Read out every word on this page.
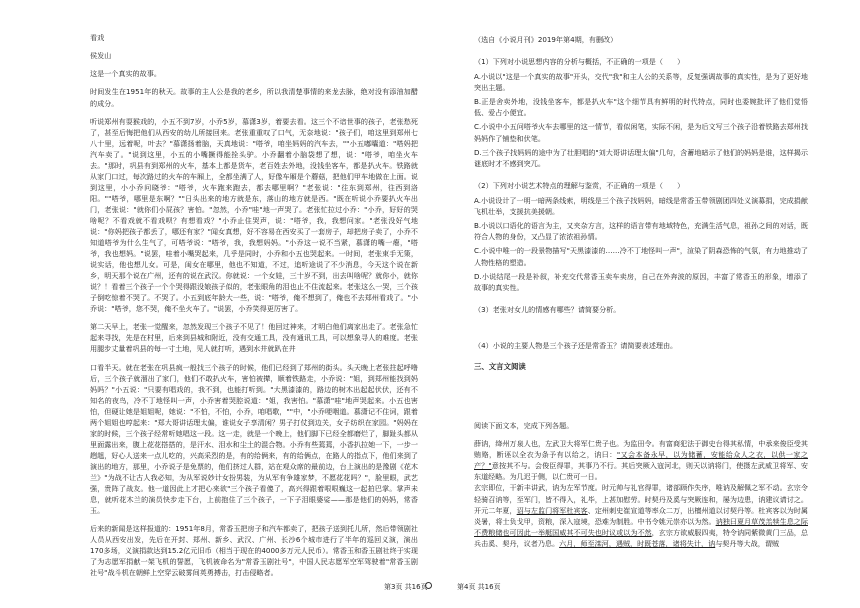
看戏

侯发山

这是一个真实的故事。

时间发生在1951年的秋天。故事的主人公是我的老乡，所以我清楚事情的来龙去脉，绝对没有添油加醋的成分。

听说郑州有耍猴戏的，小五不到7岁，小乔5岁，慕潇3岁，着要去看。这三个不谙世事的孩子，老张愁死了，甚至后悔把他们从西安的幼儿所接回来。老张重重叹了口气，无奈地说："孩子们，咱这里到郑州七八十里，远着呢，叶去？"慕潇扬着脑，天真地说："嗒爷，咱坐妈妈的汽车去，""小五嘟囔道："嗒妈把汽车卖了。"说到这里，小五的小嘴撅得能拴头驴。小乔翻着小脑袋想了想，说："嗒爷，咱坐火车去。"那时，巩县有到郑州的火车，基本上都是货车，老百姓去外地，没钱坐客车，都是扒火车。铁路就从家门口过，每次路过的火车的车厢上，全都坐满了人，好像车厢是个蘑菇，把他们甲车地做在上面。说到这里，小小乔问晓爷："嗒爷，火车跑来跑去，都去哪里啊？"老张说："往东到郑州，往西到洛阳。""嗒爷，哪里是东啊？""日头出来的地方就是东，落山的地方就是西。"既在听说小乔要扒火车出门，老张说："就你们小屁孩？害怕。"忽然，小乔"哇"地一声哭了。老张忙拉过小乔："小乔，好好的哭啥呢？不看戏就不看戏呗？有想看戏？"小乔止住哭声，说："嗒爷，我，我想问家。"老张没好气地说："你妈把孩子都丢了，哪还有家？"闻女真想，好不容易在西安买了一套房子，却把房子卖了，小乔不知道嗒爷为什么生气了，可嗒爷说："嗒爷，我，我想妈妈。"小乔这一说不当紧，慕潇的嘴一瘪，"嗒爷，我也想妈。"说罢，哇着小嘴哭起来，几乎是同时，小乔和小五也哭起来。一时间，老张束手无策，说实话，他也想儿女。可是，闺女在哪里，他也不知道，不过，追听途说了不少消息，今天这个说在新乡，明天那个说在广州，还有的说在武汉。你就说：一个女娃，三十岁不到，出去叫啥呢？就你小，就你说？！看着三个孩子一个个哭得跟没娘孩子似的，老张眼角的泪也止不住流起来。老张这么一哭，三个孩子倒吃惊着不哭了。不哭了。小五到底年龄大一些，说："嗒爷，俺不想到了，俺也不去郑州看戏了。"小乔说："嗒爷，您不哭，俺不坐火车了。"说罢，小乔笑得更厉害了。

第二天早上，老张一觉醒来，忽然发现三个孩子不见了！他回过神来，才明白他们离家出走了。老张急忙起来寻找，先是在村里，后来到县城和附近，没有交通工具，没有通讯工具，可以想象寻人的难度。老张用腿步丈量着巩县的每一寸土地，见人就打听，遇到水井就趴在井

口看半天。就在老张在巩县疯一般找三个孩子的时候，他们已经到了郑州的街头。头天晚上老张拄起呼噜后，三个孩子就溜出了家门，他们不敢扒火车，害怕被撵，顺着铁路走，小乔说："姐，到郑州能找到妈妈吗？"小五说："只要有唱戏的，我不到，也能打听到。"大黑漆漆的，路边的树木出起起伏伏，还有不知名的夜鸟，冷不丁地怪叫一声，小乔害着哭腔说道："姐，我害怕。"慕潇"哇"地声哭起来。小五也害怕，但硬让她是姐姐呢，她说："不怕，不怕，小乔，咱唱歌，""中，"小乔哽咽道。慕潇记不住词，跟着两个姐姐也哼起来："郑大哥讲话理太偏，谁说女子享清闲？男子打仗到边关，女子纺织在家园。"妈妈在家的时候，三个孩子经常听她唱这一段。这一走，就是一个晚上，他们脚下已经全都磨烂了，脚趾头都从里面露出来，腹上花花搭搭的，是汗水、泪水和尘土的混合物。小乔有些蔫蔫，小香扒拉她一下，一步一趔趄，好心人送来一点儿吃的，兴高采烈的是，有的给俩来，有的给俩点，在路人的指点下，他们来到了演出的地方，那里，小乔说子是免票的，他们挤过人群，站在观众席的最前边，台上演出的是豫剧《花木兰》"为战不让古人我必知，为从军说妙计女扮男装，为从军有争雄家梦，不愿花花吗？"，脸里眼，武艺强，贵阵了战友。他一道因此上才把心来欲"三个孩子看傻了，高兴得跟着哏哏巍这一起拍巴掌。掌声未息，就听花木兰的演员快步走下台，上前抱住了三个孩子，一下子泪眼婆娑——那是他们的妈妈，常香玉。

后来的新闻是这样报道的：1951年8月，常香玉把房子和汽车都卖了，把孩子送到托儿所，然后带领剧社人员从西安出发，先后在开封、郑州、新乡、武汉、广州、长沙6个城市进行了半年的巡回义演，演出170多场，义演捐款达到15.2亿元旧币（相当于现在的4000多万元人民币）。常香玉和香玉剧社终于实现了为志愿军捐献一架飞机的誓愿，飞机被命名为"常香玉剧社号"，中国人民志愿军空军驾驶着"常香玉剧社号"战斗机在朝鲜上空穿云破雾间英勇搏击，打击侵略者。

（选自《小说月刊》2019年第4期，有删改）

（1）下列对小说思想内容的分析与概括，不正确的一项是（　　）

A.小说以"这是一个真实的故事"开头，交代"我"和主人公的关系等，反复强调故事的真实性，是为了更好地突出主题。

B.正是舍卖外地，没钱坐客车，都是扒火车"这个细节具有鲜明的时代特点，同时也委婉批评了他们觉悟低、爱占小便宜。

C.小说中小五问嗒爷火车去哪里的这一情节，看似闲笔，实际不闲，是为后文写三个孩子沿着铁路去郑州找妈妈作了铺垫和伏笔。

D.三个孩子找妈妈的途中为了壮胆唱的"刘大哥讲话理太偏"几句，含蓄地暗示了他们的妈妈是谁，这样揭示谜底时才不感到突兀。

（2）下列对小说艺术特点的理解与鉴赏，不正确的一项是（　　）

A.小说设计了一明一暗两条线索，明线是三个孩子找妈妈，暗线是常香玉带领剧团四处义演募捐，完成捐献飞机壮举，支援抗美援朝。

B.小说以口语化的语言为主，又夹杂方言，这样的语言带有地域特色，充满生活气息，祖孙之间的对话，既符合人物的身份，又凸显了浓浓祖孙情。

C.小说中唯一的一段景物描写"天黑漆漆的……冷不丁地怪叫一声"，渲染了阴森恐怖的气氛，有力地推动了人物性格的塑造。

D.小说结尾一段是补叙，补充交代常香玉卖车卖房，自己在外奔波的原因，丰富了常香玉的形象，增添了故事的真实性。

（3）老张对女儿的情感有哪些？请简要分析。

（4）小说的主要人物是三个孩子还是常香玉？请简要表述理由。

三、文言文阅读

阅读下面文本，完成下列各题。

薛讷，绛州万泉人也，左武卫大将军仁贵子也。为监田令。有富商犯法于御史台得其私情，中承来俊臣受其贿赂，断诬以全衣为条予有以给之，讷曰："又会本备永早，以为储蓄，安能给众人之衣，以供一家之产？"意按其不与。会俊臣得罪，其事乃不行。其后突厥入寇河北，则天以讷将门，使摄左武威卫将军、安东道经略。为几迟于侧，以仁贵可一日。

玄宗即位，干新丰讲武，讷为左军节度。时元帅与礼官得罪，诸部顾作失序，唯讷及解佩之军不动。玄宗令轻骑召讷等，至军门，皆不得入，礼毕，上甚加慰劳。时契丹及奚与突厥连和，屡为边患，讷建议请讨之。开元二年夏，诏与左监门将军杜宾客、定州刺史崔宣道等率众二万，出檀州道以讨契丹等。杜宾客以为时属炎暑，将士负戈甲，资粮，深入寇境，恐难为制胜。中书令姚元崇亦以为然。讷独曰夏月草茂羔犊生息之际不费粮储也可因此一举艇国威其不可失也时议或以为不然，玄宗方欲威服四夷，特令讷同紫微黄门三品，总兵击奚、契丹，议者乃息。六月，师至滦河，遇贼，时既苍落，诸将失计，讷与契丹等大战，谓贼

第3页 共16页	第4页 共16页
